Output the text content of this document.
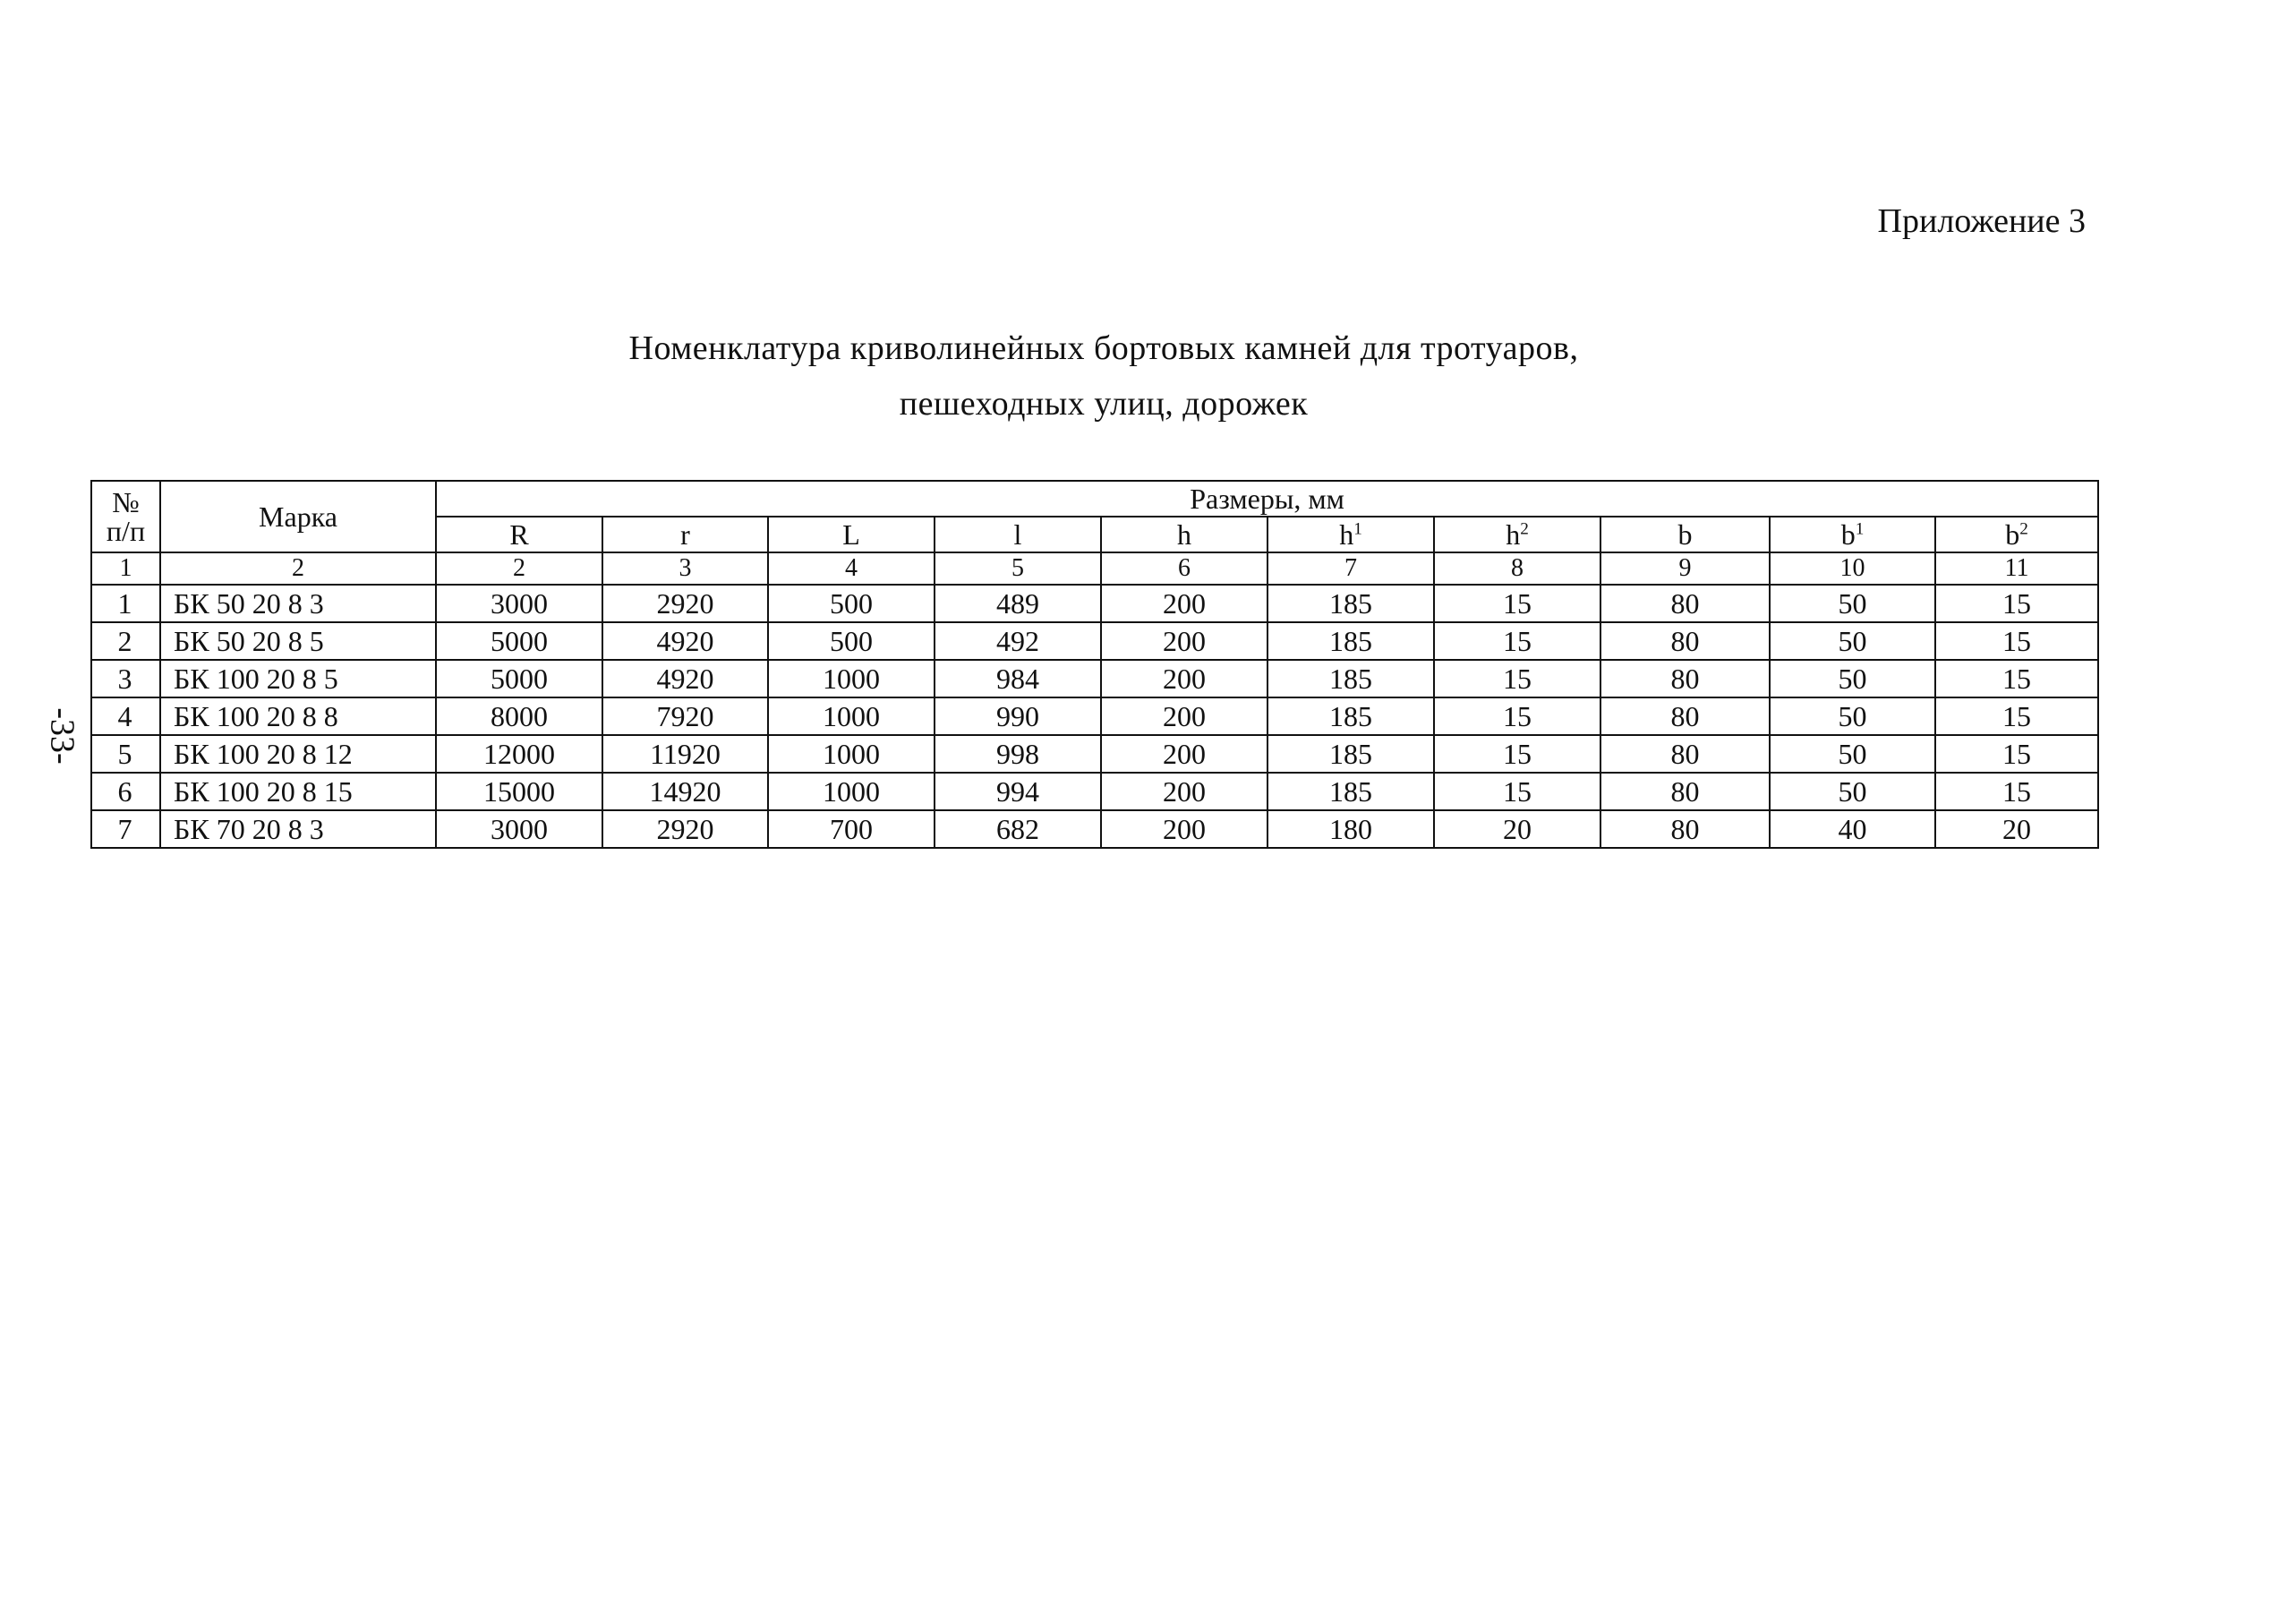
Приложение 3
Номенклатура криволинейных бортовых камней для тротуаров,
пешеходных улиц, дорожек
-33-
№
п/п	Марка	Размеры, мм									
		R	r	L	l	h	$h^1$	$h^2$	b	$b^1$	$b^2$
1	2	2	3	4	5	6	7	8	9	10	11
1	БК 50 20 8 3	3000	2920	500	489	200	185	15	80	50	15
2	БК 50 20 8 5	5000	4920	500	492	200	185	15	80	50	15
3	БК 100 20 8 5	5000	4920	1000	984	200	185	15	80	50	15
4	БК 100 20 8 8	8000	7920	1000	990	200	185	15	80	50	15
5	БК 100 20 8 12	12000	11920	1000	998	200	185	15	80	50	15
6	БК 100 20 8 15	15000	14920	1000	994	200	185	15	80	50	15
7	БК 70 20 8 3	3000	2920	700	682	200	180	20	80	40	20
